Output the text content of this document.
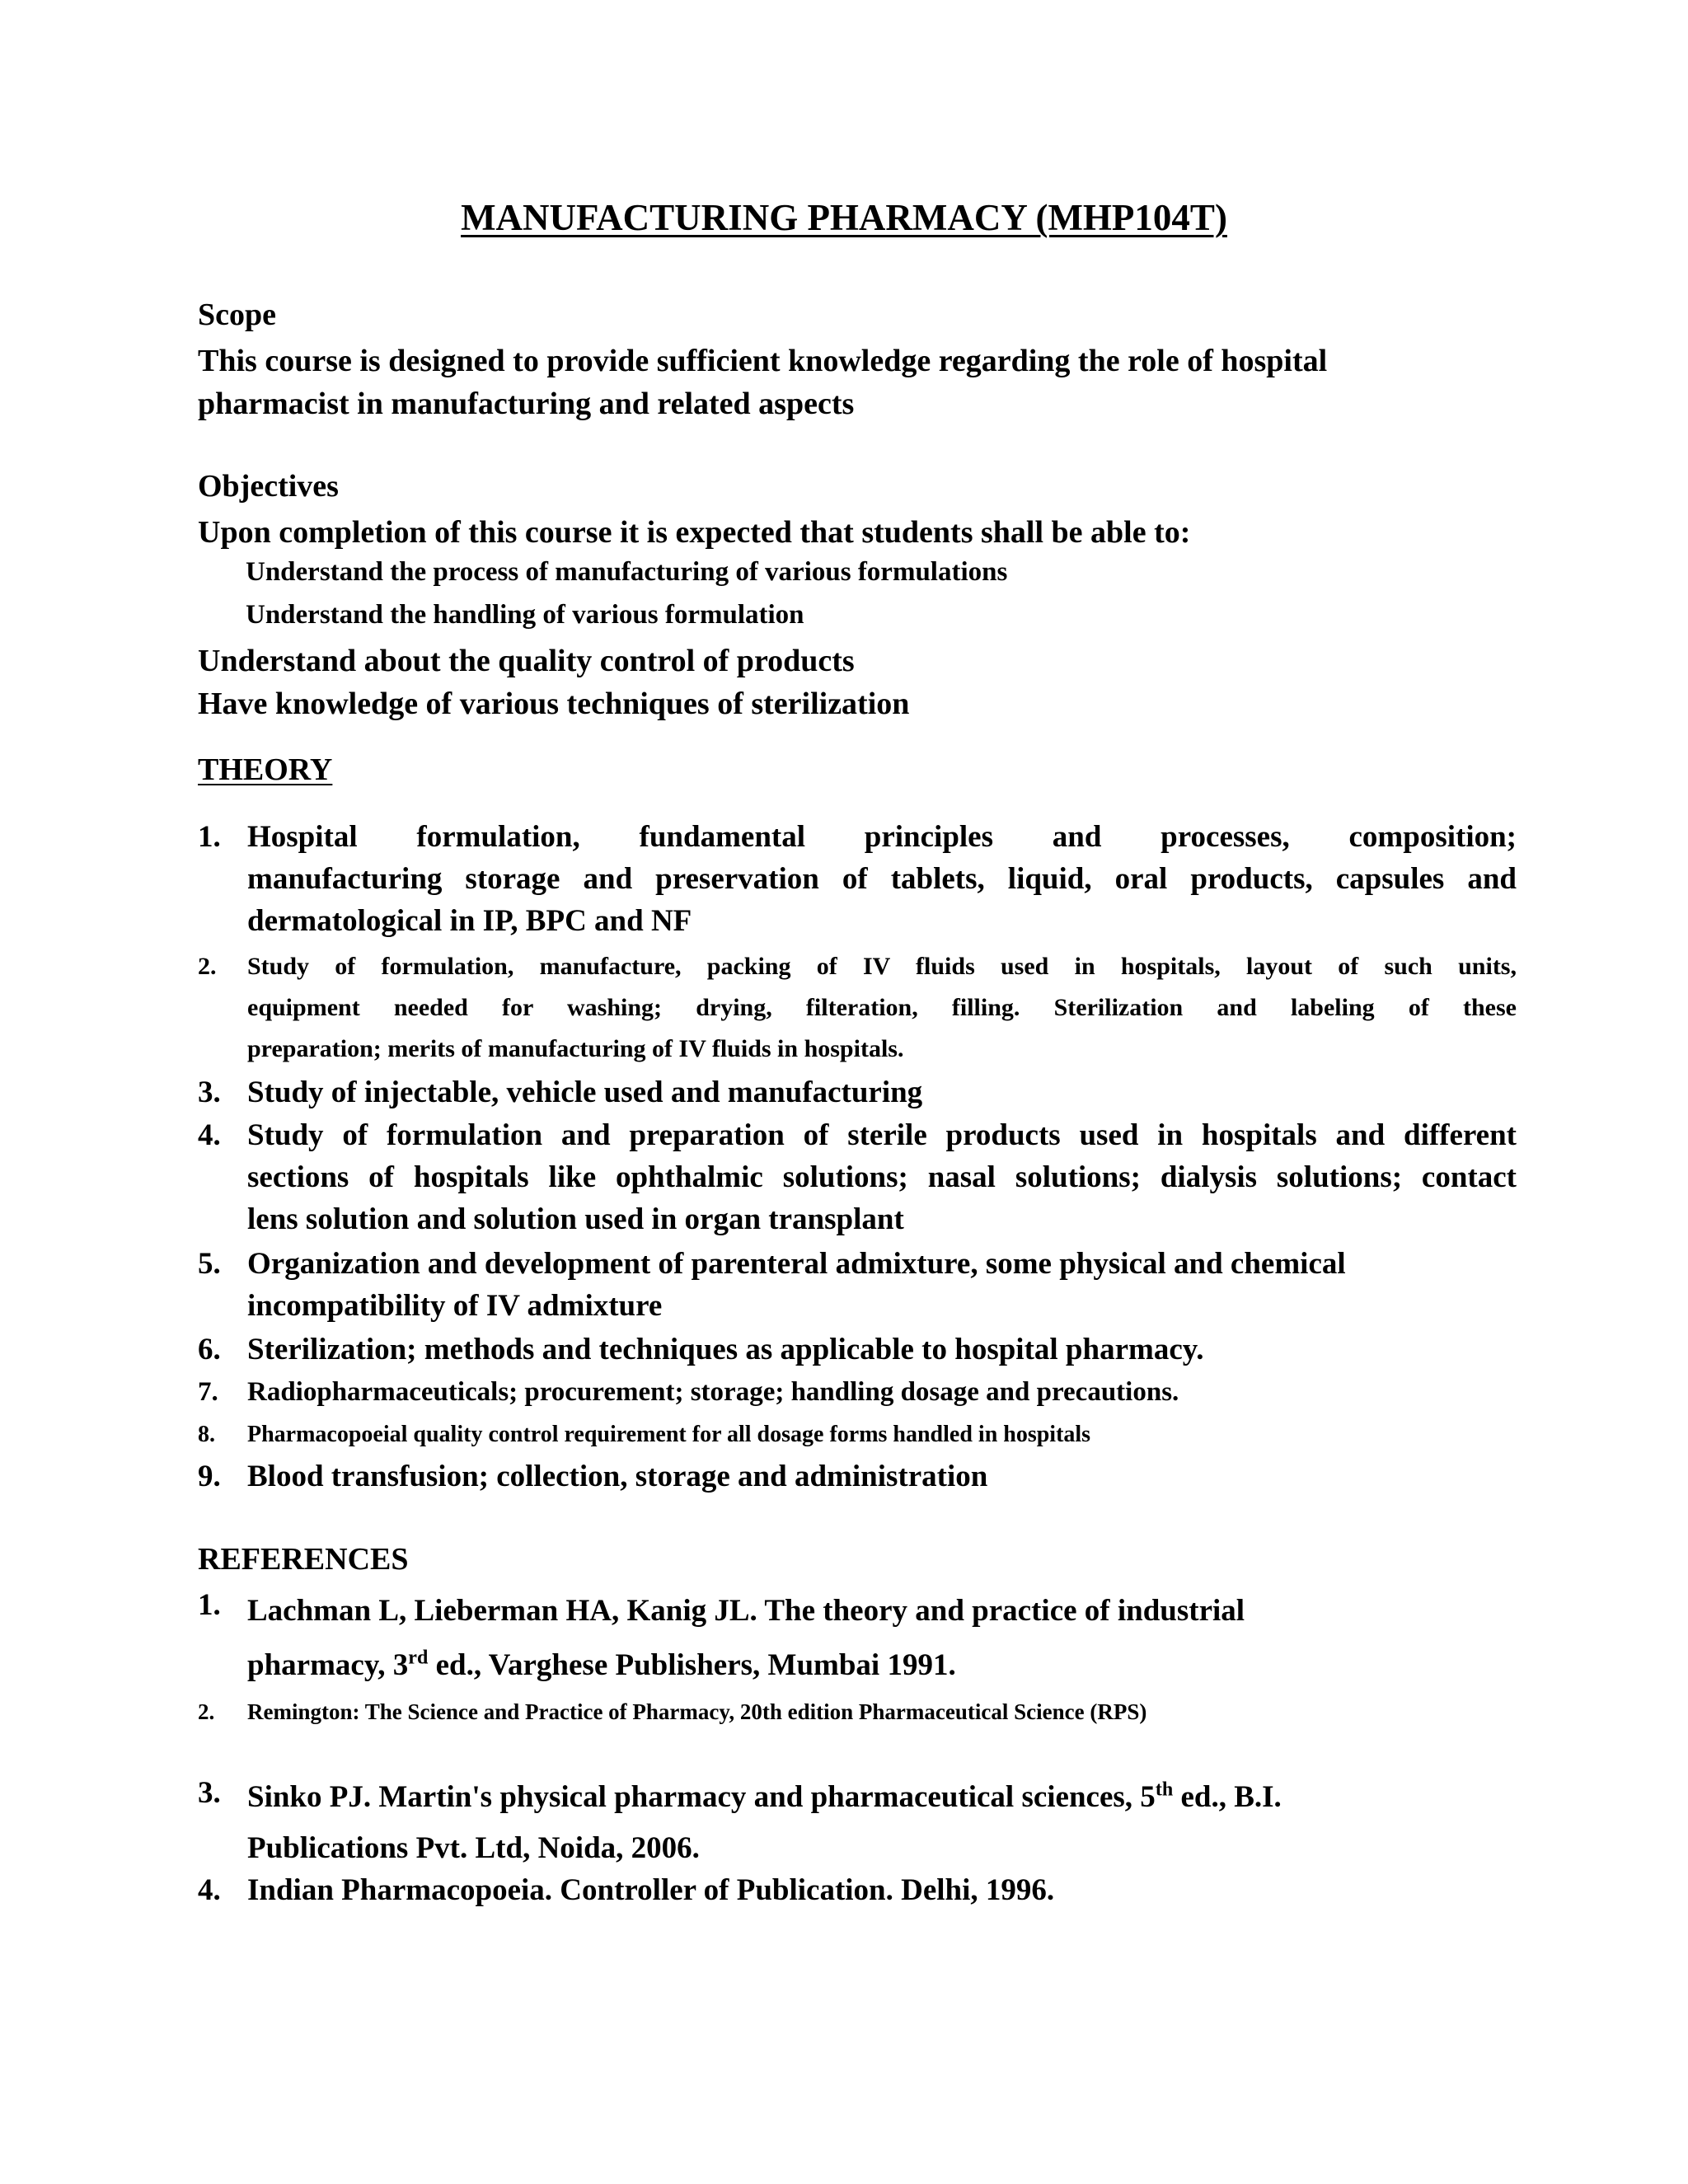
MANUFACTURING PHARMACY (MHP104T)
Scope
This course is designed to provide sufficient knowledge regarding the role of hospital
pharmacist in manufacturing and related aspects
Objectives
Upon completion of this course it is expected that students shall be able to:
Understand the process of manufacturing of various formulations
Understand the handling of various formulation
Understand about the quality control of products
Have knowledge of various techniques of sterilization
THEORY
1. Hospital formulation, fundamental principles and processes, composition;
manufacturing storage and preservation of tablets, liquid, oral products, capsules and
dermatological in IP, BPC and NF
2. Study of formulation, manufacture, packing of IV fluids used in hospitals, layout of such units,
equipment needed for washing; drying, filteration, filling. Sterilization and labeling of these
preparation; merits of manufacturing of IV fluids in hospitals.
3. Study of injectable, vehicle used and manufacturing
4. Study of formulation and preparation of sterile products used in hospitals and different
sections of hospitals like ophthalmic solutions; nasal solutions; dialysis solutions; contact
lens solution and solution used in organ transplant
5. Organization and development of parenteral admixture, some physical and chemical
incompatibility of IV admixture
6. Sterilization; methods and techniques as applicable to hospital pharmacy.
7. Radiopharmaceuticals; procurement; storage; handling dosage and precautions.
8. Pharmacopoeial quality control requirement for all dosage forms handled in hospitals
9. Blood transfusion; collection, storage and administration
REFERENCES
1. Lachman L, Lieberman HA, Kanig JL. The theory and practice of industrial
pharmacy, 3rd ed., Varghese Publishers, Mumbai 1991.
2. Remington: The Science and Practice of Pharmacy, 20th edition Pharmaceutical Science (RPS)
3. Sinko PJ. Martin's physical pharmacy and pharmaceutical sciences, 5th ed., B.I.
Publications Pvt. Ltd, Noida, 2006.
4. Indian Pharmacopoeia. Controller of Publication. Delhi, 1996.
